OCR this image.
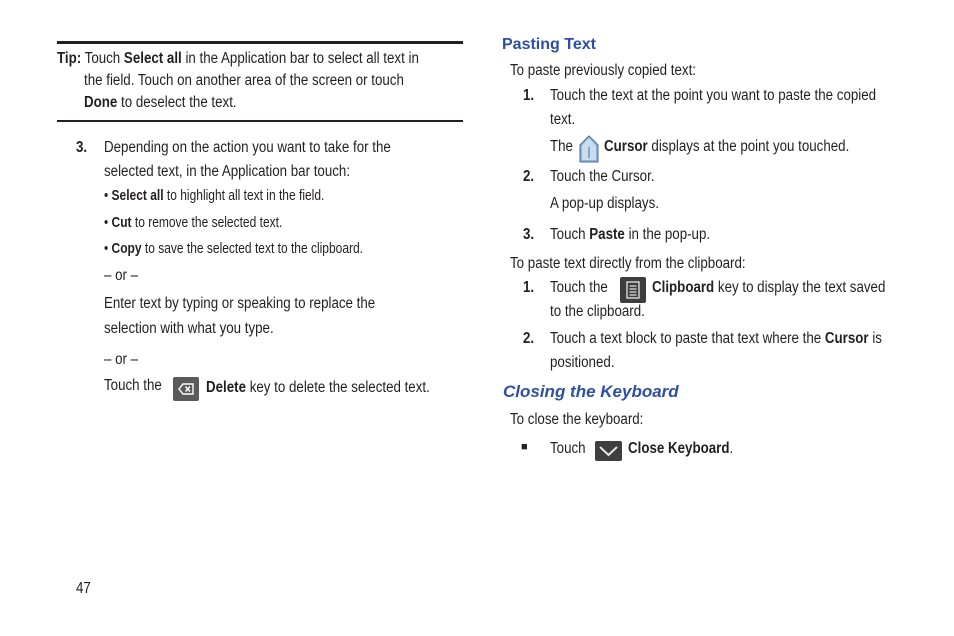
Tip: Touch Select all in the Application bar to select all text in
the field. Touch on another area of the screen or touch
Done to deselect the text.
3. Depending on the action you want to take for the
selected text, in the Application bar touch:
• Select all to highlight all text in the field.
• Cut to remove the selected text.
• Copy to save the selected text to the clipboard.
– or –
Enter text by typing or speaking to replace the
selection with what you type.
– or –
Touch the	Delete key to delete the selected text.
47
Pasting Text
To paste previously copied text:
1. Touch the text at the point you want to paste the copied
text.
The Cursor displays at the point you touched.
2. Touch the Cursor.
A pop-up displays.
3. Touch Paste in the pop-up.
To paste text directly from the clipboard:
1. Touch the	Clipboard key to display the text saved
to the clipboard.
2. Touch a text block to paste that text where the Cursor is
positioned.
Closing the Keyboard
To close the keyboard:
■ Touch	Close Keyboard.
